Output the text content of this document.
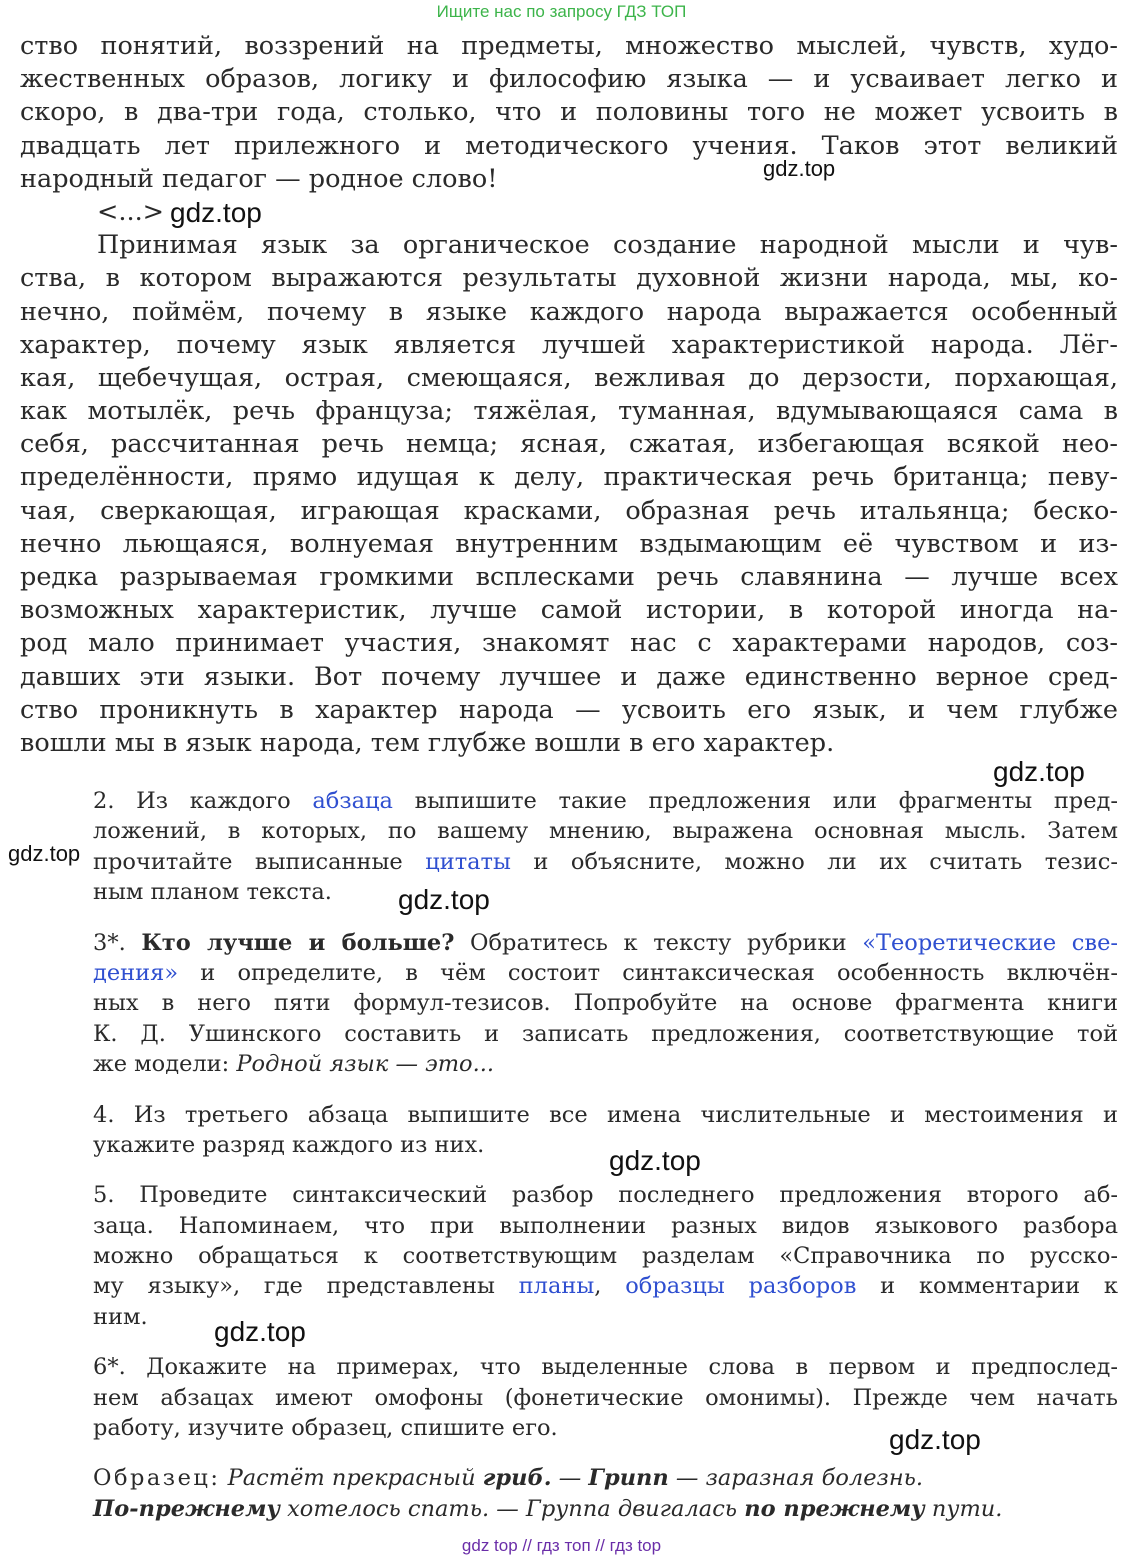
Ищите нас по запросу ГДЗ ТОП

ство понятий, воззрений на предметы, множество мыслей, чувств, худо-
жественных образов, логику и философию языка — и усваивает легко и
скоро, в два-три года, столько, что и половины того не может усвоить в
двадцать лет прилежного и методического учения. Таков этот великий
народный педагог — родное слово!

<...>

Принимая язык за органическое создание народной мысли и чув-
ства, в котором выражаются результаты духовной жизни народа, мы, ко-
нечно, поймём, почему в языке каждого народа выражается особенный
характер, почему язык является лучшей характеристикой народа. Лёг-
кая, щебечущая, острая, смеющаяся, вежливая до дерзости, порхающая,
как мотылёк, речь француза; тяжёлая, туманная, вдумывающаяся сама в
себя, рассчитанная речь немца; ясная, сжатая, избегающая всякой нео-
пределённости, прямо идущая к делу, практическая речь британца; певу-
чая, сверкающая, играющая красками, образная речь итальянца; беско-
нечно льющаяся, волнуемая внутренним вздымающим её чувством и из-
редка разрываемая громкими всплесками речь славянина — лучше всех
возможных характеристик, лучше самой истории, в которой иногда на-
род мало принимает участия, знакомят нас с характерами народов, соз-
давших эти языки. Вот почему лучшее и даже единственно верное сред-
ство проникнуть в характер народа — усвоить его язык, и чем глубже
вошли мы в язык народа, тем глубже вошли в его характер.

2. Из каждого абзаца выпишите такие предложения или фрагменты пред-
ложений, в которых, по вашему мнению, выражена основная мысль. Затем
прочитайте выписанные цитаты и объясните, можно ли их считать тезис-
ным планом текста.

3*. Кто лучше и больше? Обратитесь к тексту рубрики «Теоретические све-
дения» и определите, в чём состоит синтаксическая особенность включён-
ных в него пяти формул-тезисов. Попробуйте на основе фрагмента книги
К. Д. Ушинского составить и записать предложения, соответствующие той
же модели: Родной язык — это...

4. Из третьего абзаца выпишите все имена числительные и местоимения и
укажите разряд каждого из них.

5. Проведите синтаксический разбор последнего предложения второго аб-
заца. Напоминаем, что при выполнении разных видов языкового разбора
можно обращаться к соответствующим разделам «Справочника по русско-
му языку», где представлены планы, образцы разборов и комментарии к
ним.

6*. Докажите на примерах, что выделенные слова в первом и предпослед-
нем абзацах имеют омофоны (фонетические омонимы). Прежде чем начать
работу, изучите образец, спишите его.

Образец: Растёт прекрасный гриб. — Грипп — заразная болезнь.
По-прежнему хотелось спать. — Группа двигалась по прежнему пути.

gdz.top
gdz.top
gdz.top
gdz.top
gdz.top
gdz.top
gdz.top
gdz.top
gdz top // гдз топ // гдз top
